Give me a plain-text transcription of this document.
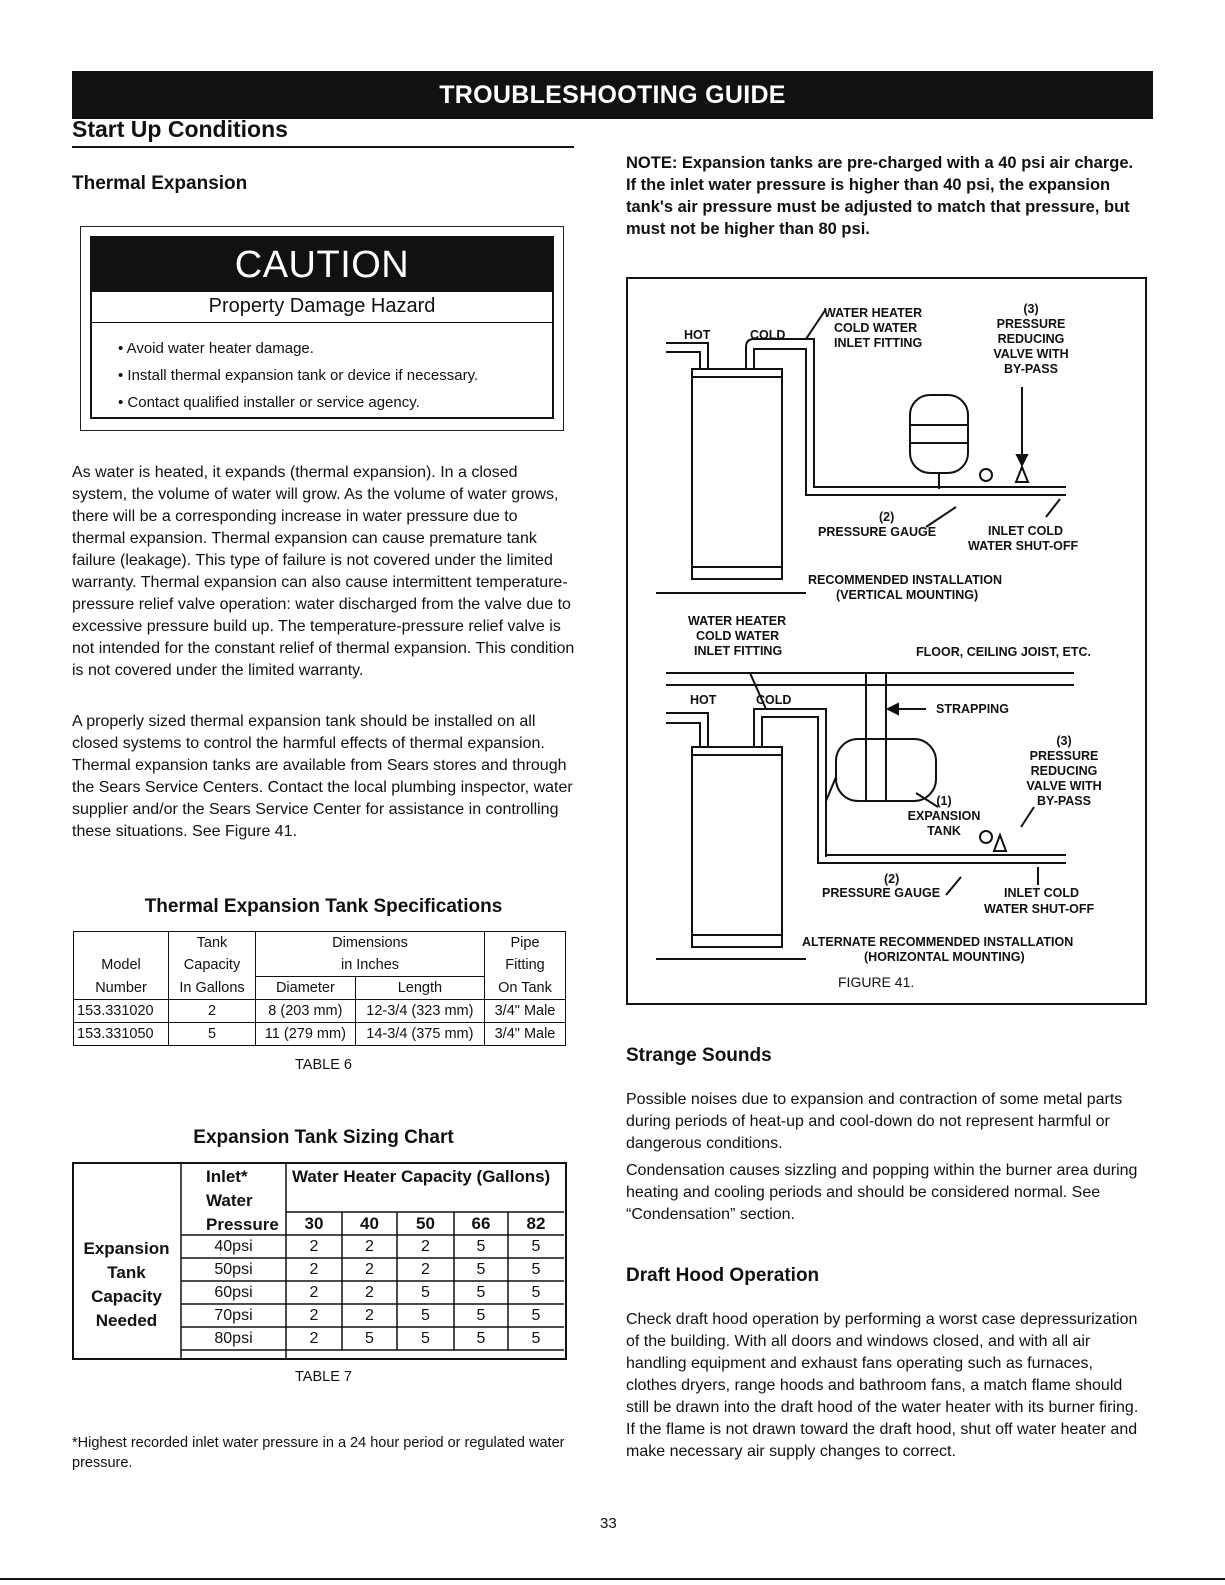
TROUBLESHOOTING GUIDE
Start Up Conditions
Thermal Expansion
CAUTION
Property Damage Hazard
• Avoid water heater damage.
• Install thermal expansion tank or device if necessary.
• Contact qualified installer or service agency.
As water is heated, it expands (thermal expansion). In a closed system, the volume of water will grow. As the volume of water grows, there will be a corresponding increase in water pressure due to thermal expansion. Thermal expansion can cause premature tank failure (leakage). This type of failure is not covered under the limited warranty. Thermal expansion can also cause intermittent temperature-pressure relief valve operation: water discharged from the valve due to excessive pressure build up. The temperature-pressure relief valve is not intended for the constant relief of thermal expansion. This condition is not covered under the limited warranty.
A properly sized thermal expansion tank should be installed on all closed systems to control the harmful effects of thermal expansion. Thermal expansion tanks are available from Sears stores and through the Sears Service Centers. Contact the local plumbing inspector, water supplier and/or the Sears Service Center for assistance in controlling these situations. See Figure 41.
Thermal Expansion Tank Specifications
	Tank	Dimensions		Pipe
Model	Capacity	in Inches		Fitting
Number	In Gallons	Diameter	Length	On Tank
153.331020	2	8 (203 mm)	12-3/4 (323 mm)	3/4" Male
153.331050	5	11 (279 mm)	14-3/4 (375 mm)	3/4" Male
TABLE 6
Expansion Tank Sizing Chart
Expansion
Tank
Capacity
Needed
Inlet*
Water
Pressure
Water Heater Capacity (Gallons)
30	40	50	66	82
40psi	2	2	2	5	5
50psi	2	2	2	5	5
60psi	2	2	5	5	5
70psi	2	2	5	5	5
80psi	2	5	5	5	5
TABLE 7
*Highest recorded inlet water pressure in a 24 hour period or regulated water pressure.
NOTE: Expansion tanks are pre-charged with a 40 psi air charge. If the inlet water pressure is higher than 40 psi, the expansion tank's air pressure must be adjusted to match that pressure, but must not be higher than 80 psi.
HOT	COLD
WATER HEATER
COLD WATER
INLET FITTING
(3)
PRESSURE
REDUCING
VALVE WITH
BY-PASS
(2)
PRESSURE GAUGE	INLET COLD
WATER SHUT-OFF
RECOMMENDED INSTALLATION
(VERTICAL MOUNTING)
WATER HEATER
COLD WATER
INLET FITTING	FLOOR, CEILING JOIST, ETC.
HOT	COLD
STRAPPING
(3)
PRESSURE
REDUCING
VALVE WITH
BY-PASS
(1)
EXPANSION
TANK
(2)
PRESSURE GAUGE	INLET COLD
WATER SHUT-OFF
ALTERNATE RECOMMENDED INSTALLATION
(HORIZONTAL MOUNTING)
FIGURE 41.
Strange Sounds
Possible noises due to expansion and contraction of some metal parts during periods of heat-up and cool-down do not represent harmful or dangerous conditions.
Condensation causes sizzling and popping within the burner area during heating and cooling periods and should be considered normal. See “Condensation” section.
Draft Hood Operation
Check draft hood operation by performing a worst case depressurization of the building. With all doors and windows closed, and with all air handling equipment and exhaust fans operating such as furnaces, clothes dryers, range hoods and bathroom fans, a match flame should still be drawn into the draft hood of the water heater with its burner firing. If the flame is not drawn toward the draft hood, shut off water heater and make necessary air supply changes to correct.
33
